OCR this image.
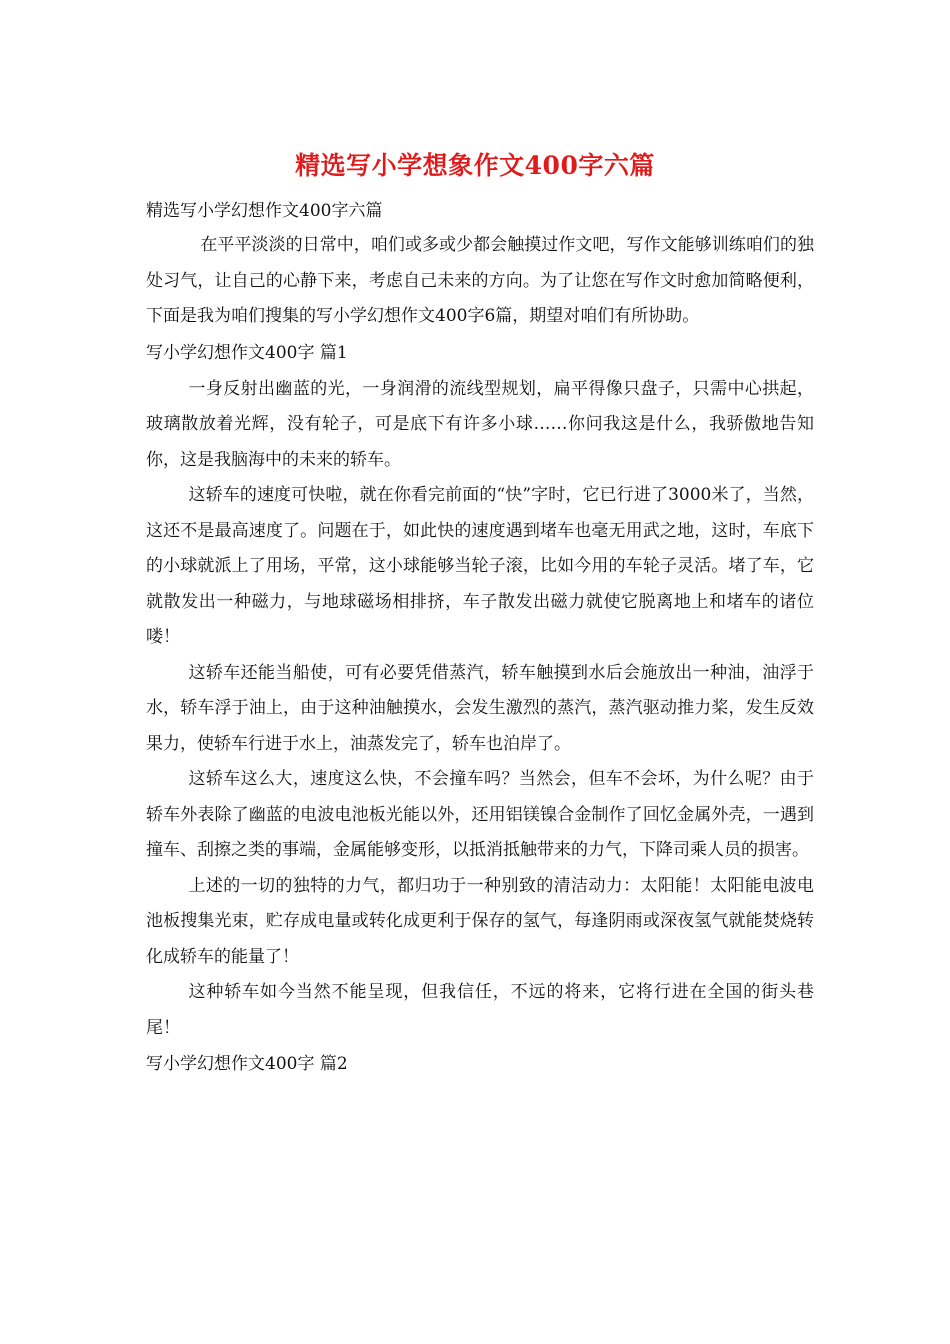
精选写小学想象作文400字六篇

精选写小学幻想作文400字六篇

在平平淡淡的日常中，咱们或多或少都会触摸过作文吧，写作文能够训练咱们的独处习气，让自己的心静下来，考虑自己未来的方向。为了让您在写作文时愈加简略便利，下面是我为咱们搜集的写小学幻想作文400字6篇，期望对咱们有所协助。

写小学幻想作文400字 篇1

一身反射出幽蓝的光，一身润滑的流线型规划，扁平得像只盘子，只需中心拱起，玻璃散放着光辉，没有轮子，可是底下有许多小球……你问我这是什么，我骄傲地告知你，这是我脑海中的未来的轿车。

这轿车的速度可快啦，就在你看完前面的“快”字时，它已行进了3000米了，当然，这还不是最高速度了。问题在于，如此快的速度遇到堵车也毫无用武之地，这时，车底下的小球就派上了用场，平常，这小球能够当轮子滚，比如今用的车轮子灵活。堵了车，它就散发出一种磁力，与地球磁场相排挤，车子散发出磁力就使它脱离地上和堵车的诸位喽！

这轿车还能当船使，可有必要凭借蒸汽，轿车触摸到水后会施放出一种油，油浮于水，轿车浮于油上，由于这种油触摸水，会发生激烈的蒸汽，蒸汽驱动推力桨，发生反效果力，使轿车行进于水上，油蒸发完了，轿车也泊岸了。

这轿车这么大，速度这么快，不会撞车吗？当然会，但车不会坏，为什么呢？由于轿车外表除了幽蓝的电波电池板光能以外，还用铝镁镍合金制作了回忆金属外壳，一遇到撞车、刮擦之类的事端，金属能够变形，以抵消抵触带来的力气，下降司乘人员的损害。

上述的一切的独特的力气，都归功于一种别致的清洁动力：太阳能！太阳能电波电池板搜集光束，贮存成电量或转化成更利于保存的氢气，每逢阴雨或深夜氢气就能焚烧转化成轿车的能量了！

这种轿车如今当然不能呈现，但我信任，不远的将来，它将行进在全国的街头巷尾！

写小学幻想作文400字 篇2
